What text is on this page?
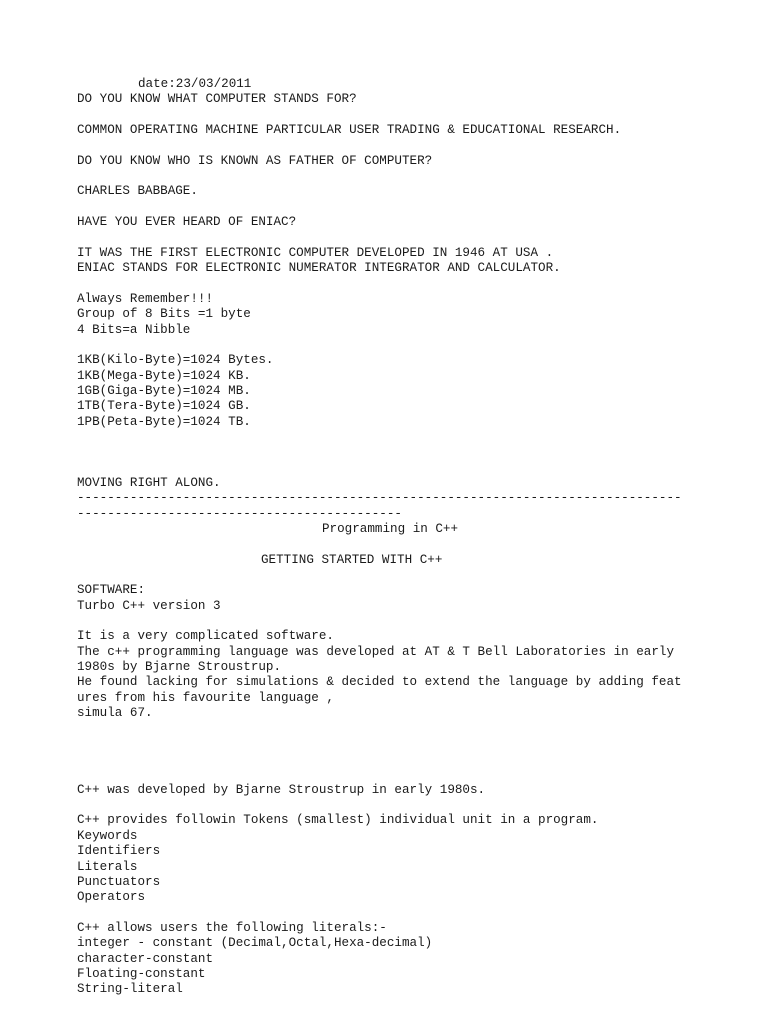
date:23/03/2011
DO YOU KNOW WHAT COMPUTER STANDS FOR?
COMMON OPERATING MACHINE PARTICULAR USER TRADING & EDUCATIONAL RESEARCH.
DO YOU KNOW WHO IS KNOWN AS FATHER OF COMPUTER?
CHARLES BABBAGE.
HAVE YOU EVER HEARD OF ENIAC?
IT WAS THE FIRST ELECTRONIC COMPUTER DEVELOPED IN 1946 AT USA .
ENIAC STANDS FOR ELECTRONIC NUMERATOR INTEGRATOR AND CALCULATOR.
Always Remember!!!
Group of 8 Bits =1 byte
4 Bits=a Nibble
1KB(Kilo-Byte)=1024 Bytes.
1KB(Mega-Byte)=1024 KB.
1GB(Giga-Byte)=1024 MB.
1TB(Tera-Byte)=1024 GB.
1PB(Peta-Byte)=1024 TB.
MOVING RIGHT ALONG.
--------------------------------------------------------------------------------
-------------------------------------------
Programming in C++
GETTING STARTED WITH C++
SOFTWARE:
Turbo C++ version 3
It is a very complicated software.
The c++ programming language was developed at AT & T Bell Laboratories in early
1980s by Bjarne Stroustrup.
He found lacking for simulations & decided to extend the language by adding feat
ures from his favourite language ,
simula 67.
C++ was developed by Bjarne Stroustrup in early 1980s.
C++ provides followin Tokens (smallest) individual unit in a program.
Keywords
Identifiers
Literals
Punctuators
Operators
C++ allows users the following literals:-
integer - constant (Decimal,Octal,Hexa-decimal)
character-constant
Floating-constant
String-literal
